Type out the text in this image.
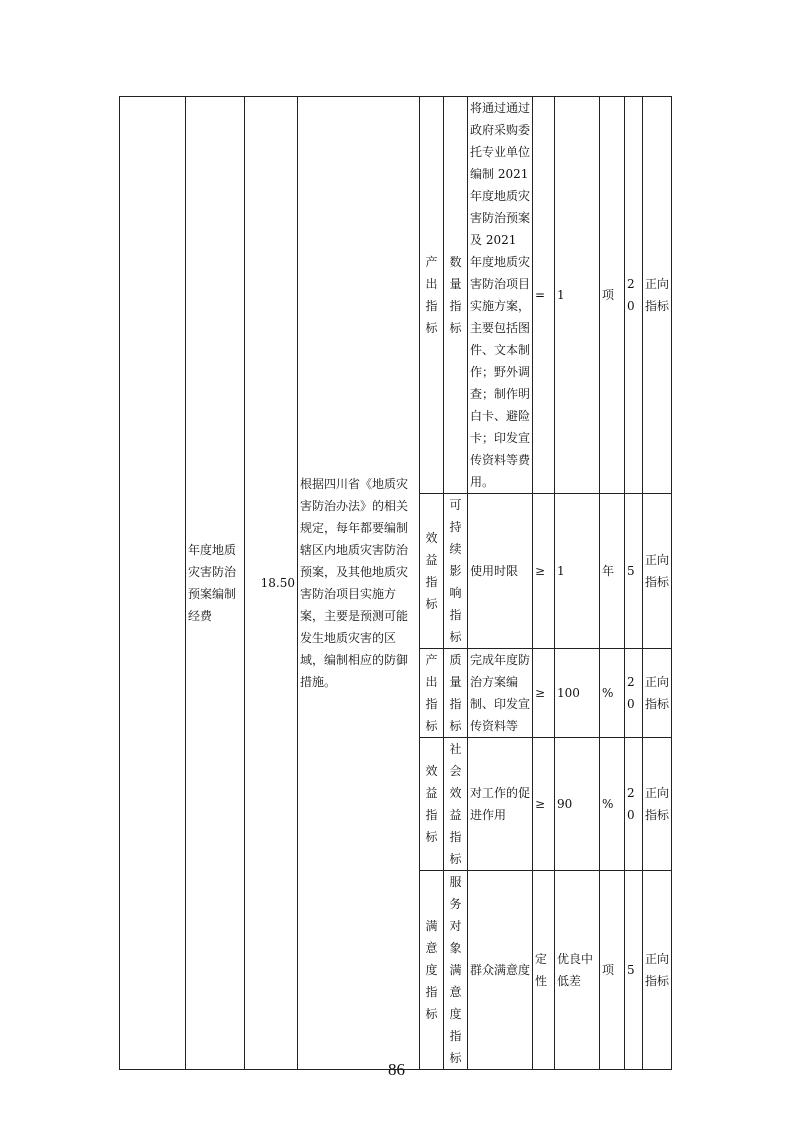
	年度地质灾害防治预案编制经费	18.50	根据四川省《地质灾害防治办法》的相关规定，每年都要编制辖区内地质灾害防治预案，及其他地质灾害防治项目实施方案，主要是预测可能发生地质灾害的区域，编制相应的防御措施。	产出指标	数量指标	将通过通过政府采购委托专业单位编制 2021 年度地质灾害防治预案及 2021 年度地质灾害防治项目实施方案，主要包括图件、文本制作；野外调查；制作明白卡、避险卡；印发宣传资料等费用。	=	1	项	20	正向指标

				效益指标	可持续影响指标	使用时限	≥	1	年	5	正向指标

				产出指标	质量指标	完成年度防治方案编制、印发宣传资料等	≥	100	%	20	正向指标

				效益指标	社会效益指标	对工作的促进作用	≥	90	%	20	正向指标

				满意度指标	服务对象满意度指标	群众满意度	定性	优良中低差	项	5	正向指标
86
